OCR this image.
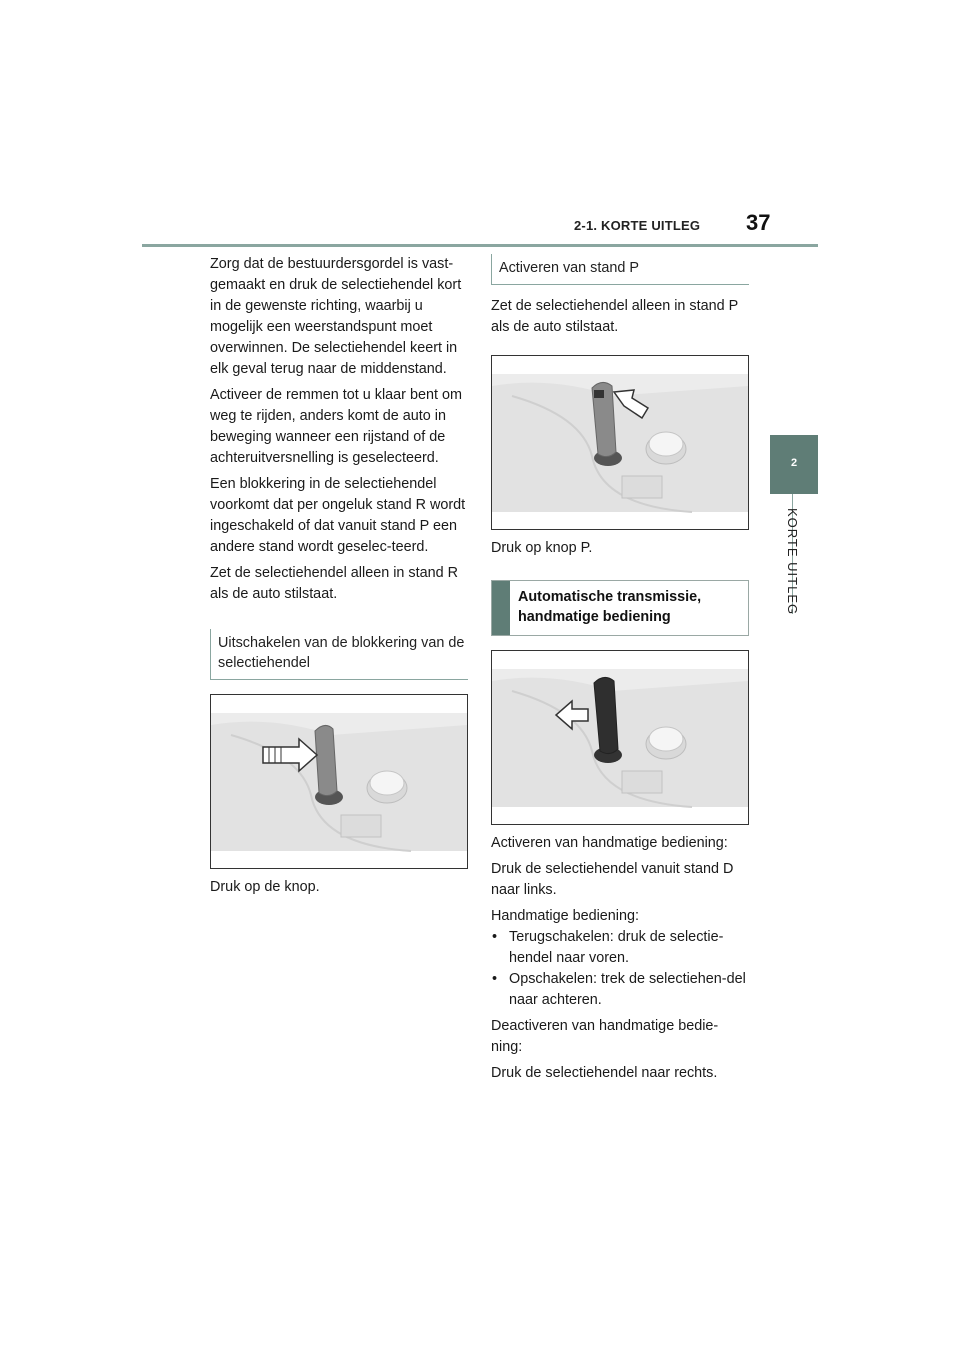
2-1. KORTE UITLEG 37
2
KORTE UITLEG

Zorg dat de bestuurdersgordel is vast-gemaakt en druk de selectiehendel kort in de gewenste richting, waarbij u mogelijk een weerstandspunt moet overwinnen. De selectiehendel keert in elk geval terug naar de middenstand.

Activeer de remmen tot u klaar bent om weg te rijden, anders komt de auto in beweging wanneer een rijstand of de achteruitversnelling is geselecteerd.

Een blokkering in de selectiehendel voorkomt dat per ongeluk stand R wordt ingeschakeld of dat vanuit stand P een andere stand wordt geselec-teerd.

Zet de selectiehendel alleen in stand R als de auto stilstaat.

Uitschakelen van de blokkering van de selectiehendel

Druk op de knop.

Activeren van stand P

Zet de selectiehendel alleen in stand P als de auto stilstaat.

Druk op knop P.

Automatische transmissie, handmatige bediening

Activeren van handmatige bediening:

Druk de selectiehendel vanuit stand D naar links.

Handmatige bediening:

• Terugschakelen: druk de selectie-hendel naar voren.
• Opschakelen: trek de selectiehen-del naar achteren.

Deactiveren van handmatige bedie-ning:

Druk de selectiehendel naar rechts.
